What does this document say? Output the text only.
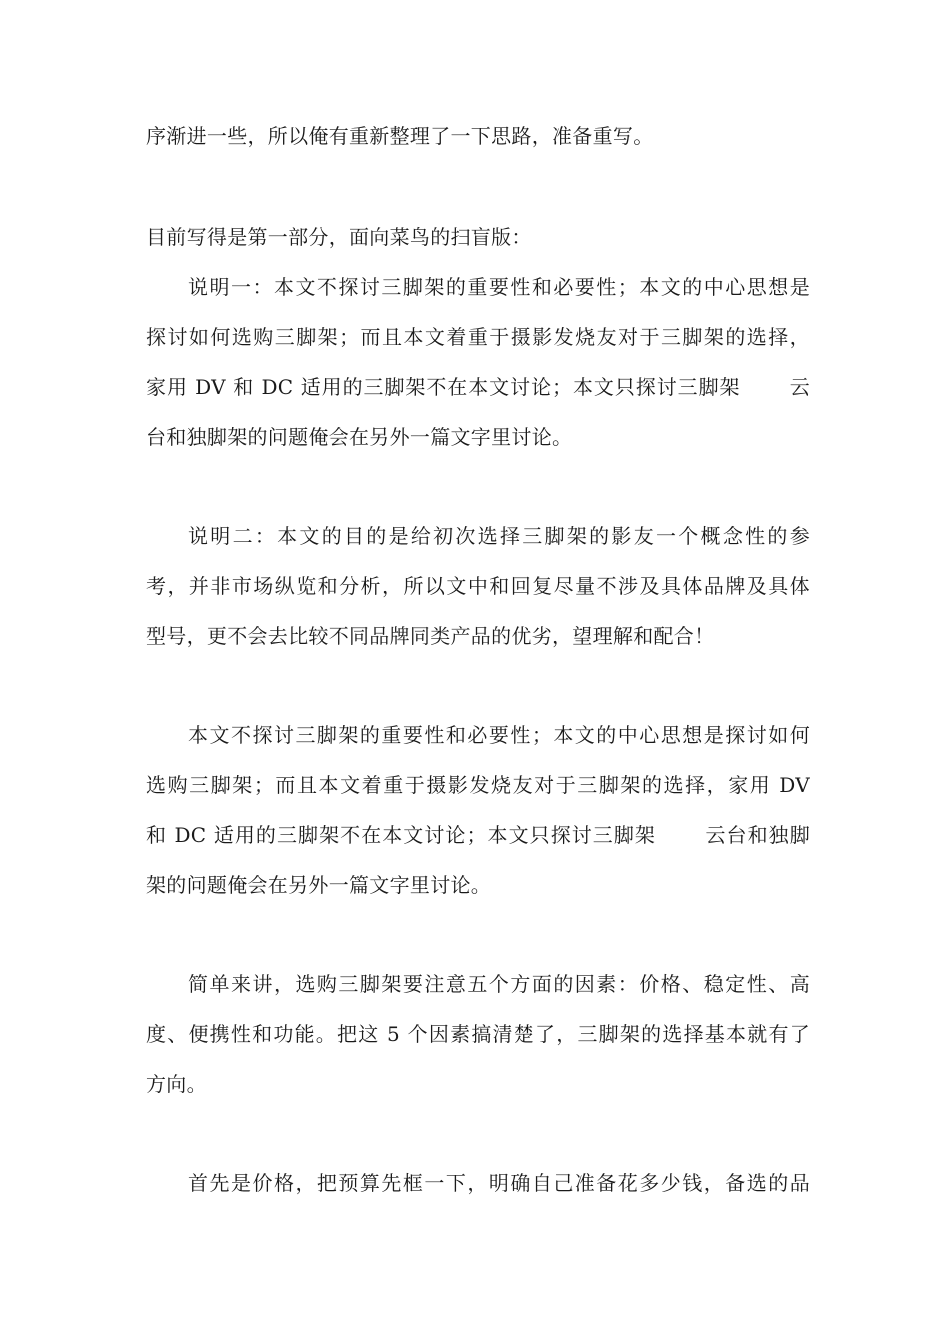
序渐进一些，所以俺有重新整理了一下思路，准备重写。
目前写得是第一部分，面向菜鸟的扫盲版：
说明一：本文不探讨三脚架的重要性和必要性；本文的中心思想是
探讨如何选购三脚架；而且本文着重于摄影发烧友对于三脚架的选择，
家用 DV 和 DC 适用的三脚架不在本文讨论；本文只探讨三脚架 　　云
台和独脚架的问题俺会在另外一篇文字里讨论。
说明二：本文的目的是给初次选择三脚架的影友一个概念性的参
考，并非市场纵览和分析，所以文中和回复尽量不涉及具体品牌及具体
型号，更不会去比较不同品牌同类产品的优劣，望理解和配合！
本文不探讨三脚架的重要性和必要性；本文的中心思想是探讨如何
选购三脚架；而且本文着重于摄影发烧友对于三脚架的选择，家用 DV
和 DC 适用的三脚架不在本文讨论；本文只探讨三脚架 　　云台和独脚
架的问题俺会在另外一篇文字里讨论。
简单来讲，选购三脚架要注意五个方面的因素：价格、稳定性、高
度、便携性和功能。把这 5 个因素搞清楚了，三脚架的选择基本就有了
方向。
首先是价格，把预算先框一下，明确自己准备花多少钱，备选的品
